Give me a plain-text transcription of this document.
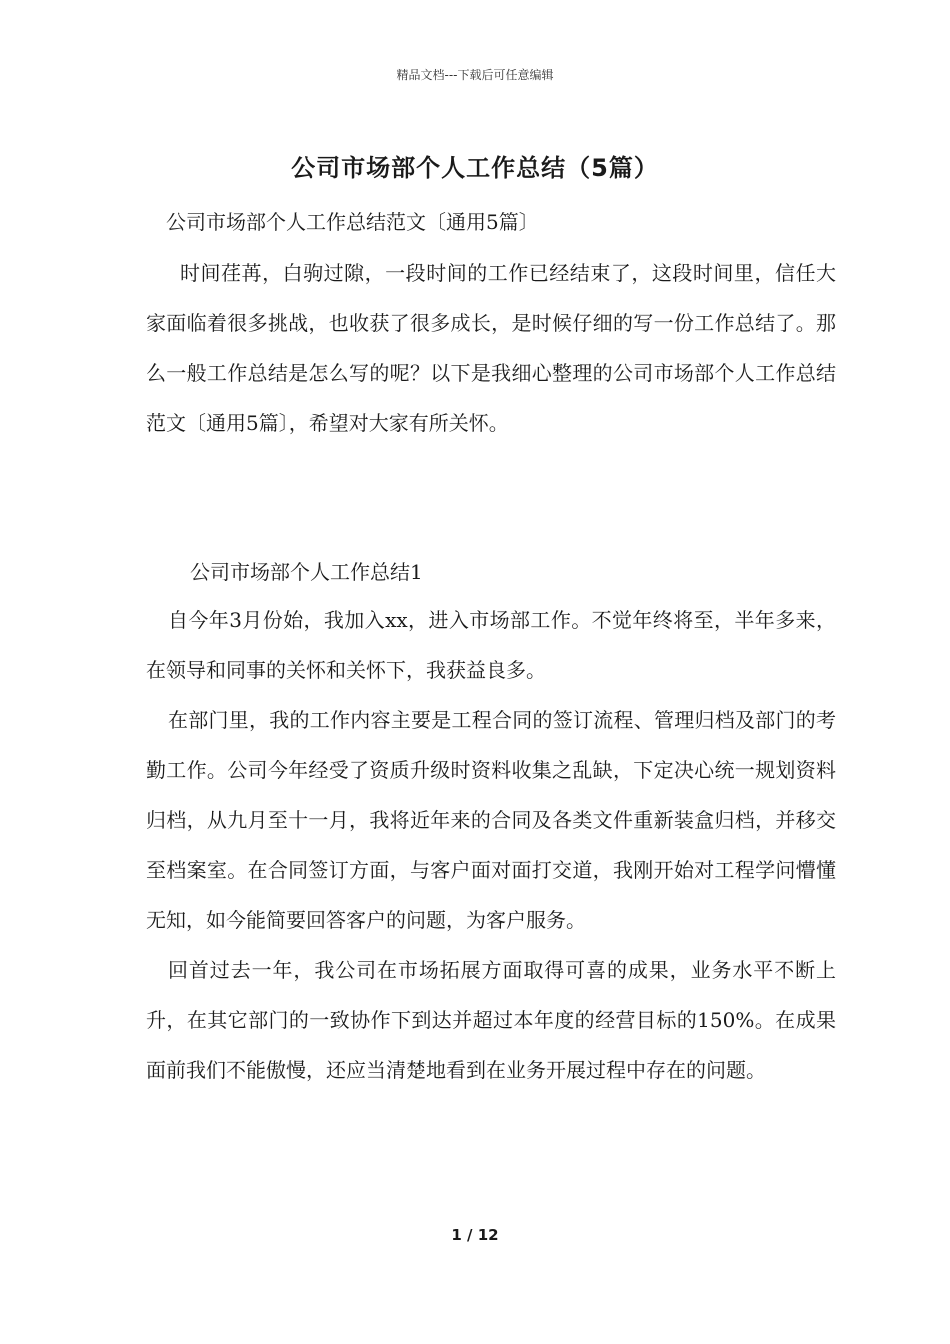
精品文档---下载后可任意编辑
公司市场部个人工作总结（5篇）
公司市场部个人工作总结范文〔通用5篇〕

时间荏苒，白驹过隙，一段时间的工作已经结束了，这段时间里，信任大家面临着很多挑战，也收获了很多成长，是时候仔细的写一份工作总结了。那么一般工作总结是怎么写的呢？以下是我细心整理的公司市场部个人工作总结范文〔通用5篇〕，希望对大家有所关怀。

公司市场部个人工作总结1

自今年3月份始，我加入xx，进入市场部工作。不觉年终将至，半年多来，在领导和同事的关怀和关怀下，我获益良多。

在部门里，我的工作内容主要是工程合同的签订流程、管理归档及部门的考勤工作。公司今年经受了资质升级时资料收集之乱缺，下定决心统一规划资料归档，从九月至十一月，我将近年来的合同及各类文件重新装盒归档，并移交至档案室。在合同签订方面，与客户面对面打交道，我刚开始对工程学问懵懂无知，如今能简要回答客户的问题，为客户服务。

回首过去一年，我公司在市场拓展方面取得可喜的成果，业务水平不断上升，在其它部门的一致协作下到达并超过本年度的经营目标的150%。在成果面前我们不能傲慢，还应当清楚地看到在业务开展过程中存在的问题。

1 / 12
